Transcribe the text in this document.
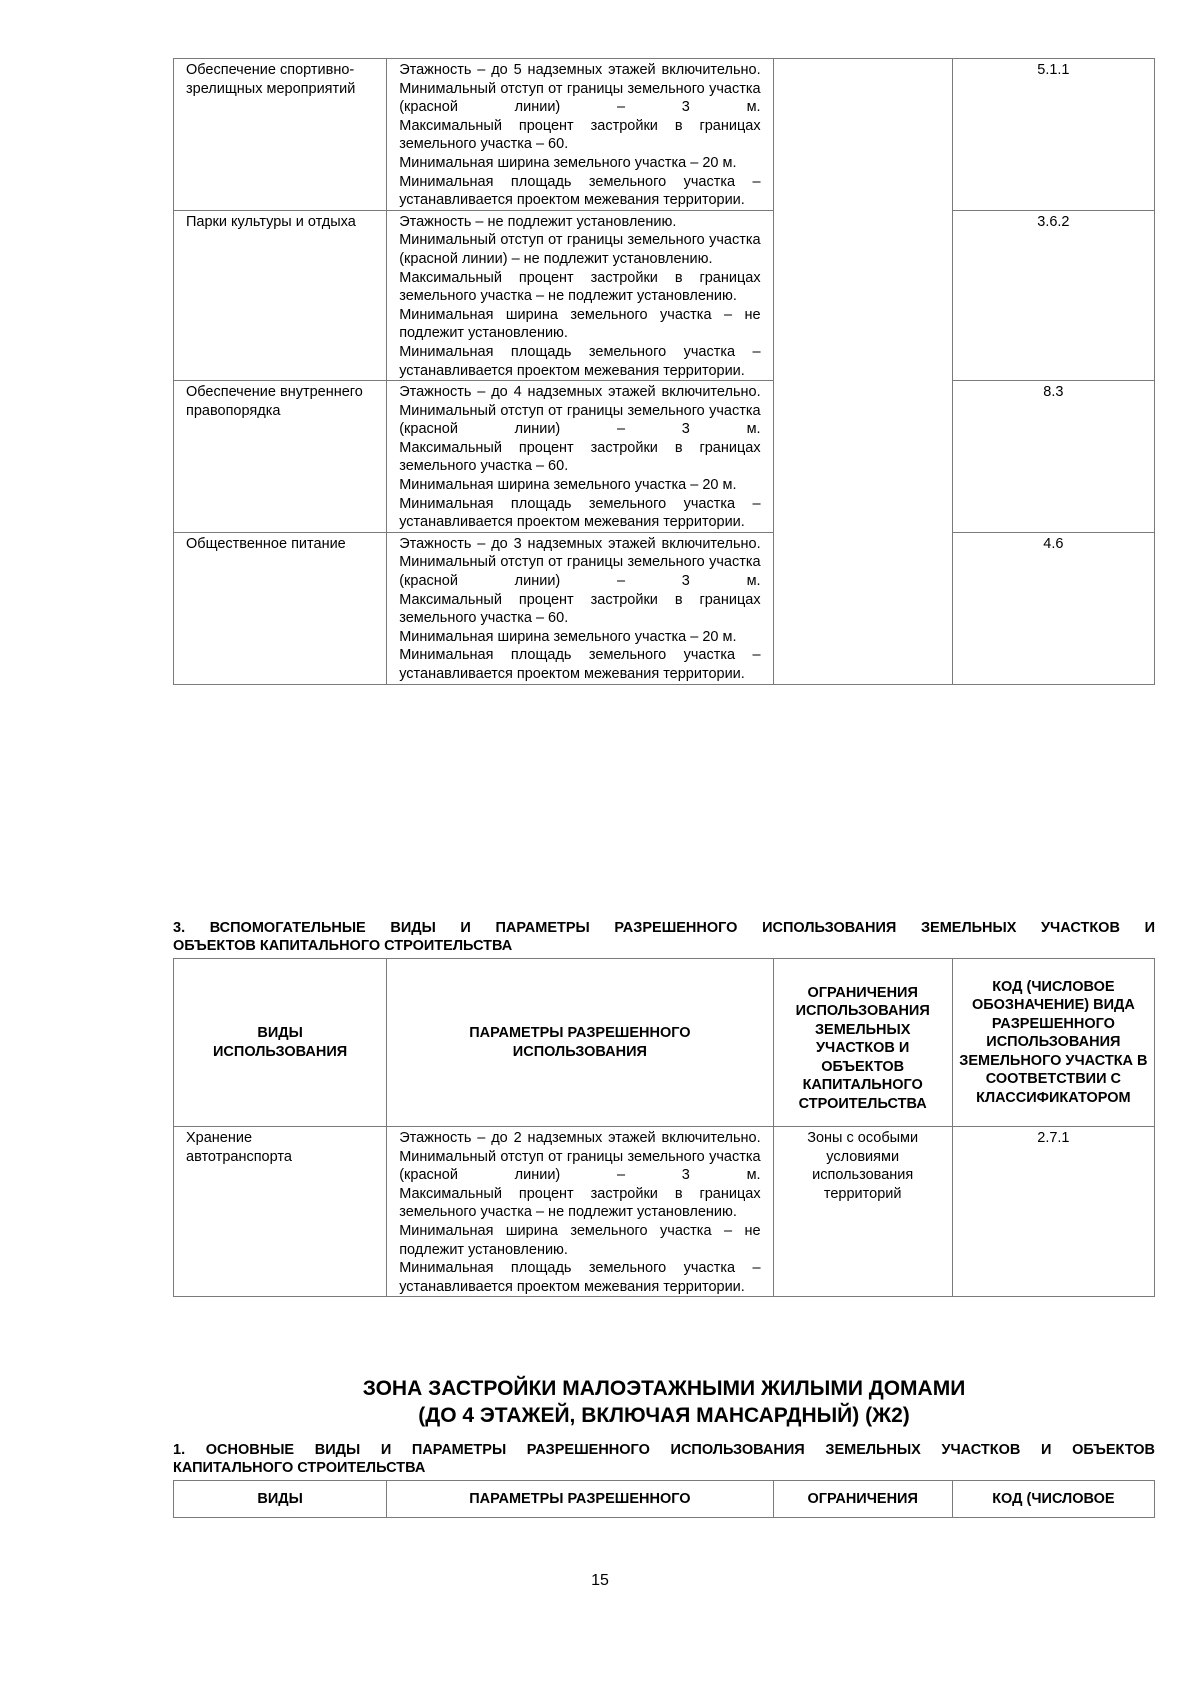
Обеспечение спортивно-зрелищных мероприятий	Этажность – до 5 надземных этажей включительно.

Минимальный отступ от границы земельного участка (красной линии) – 3 м.

Максимальный процент застройки в границах земельного участка – 60.

Минимальная ширина земельного участка – 20 м.

Минимальная площадь земельного участка – устанавливается проектом межевания территории.		5.1.1
Парки культуры и отдыха	Этажность – не подлежит установлению.

Минимальный отступ от границы земельного участка (красной линии) – не подлежит установлению.

Максимальный процент застройки в границах земельного участка – не подлежит установлению.

Минимальная ширина земельного участка – не подлежит установлению.

Минимальная площадь земельного участка – устанавливается проектом межевания территории.		3.6.2
Обеспечение внутреннего правопорядка	Этажность – до 4 надземных этажей включительно.

Минимальный отступ от границы земельного участка (красной линии) – 3 м.

Максимальный процент застройки в границах земельного участка – 60.

Минимальная ширина земельного участка – 20 м.

Минимальная площадь земельного участка – устанавливается проектом межевания территории.		8.3
Общественное питание	Этажность – до 3 надземных этажей включительно.

Минимальный отступ от границы земельного участка (красной линии) – 3 м.

Максимальный процент застройки в границах земельного участка – 60.

Минимальная ширина земельного участка – 20 м.

Минимальная площадь земельного участка – устанавливается проектом межевания территории.		4.6

3. ВСПОМОГАТЕЛЬНЫЕ ВИДЫ И ПАРАМЕТРЫ РАЗРЕШЕННОГО ИСПОЛЬЗОВАНИЯ ЗЕМЕЛЬНЫХ УЧАСТКОВ И
ОБЪЕКТОВ КАПИТАЛЬНОГО СТРОИТЕЛЬСТВА

ВИДЫ ИСПОЛЬЗОВАНИЯ	ПАРАМЕТРЫ РАЗРЕШЕННОГО ИСПОЛЬЗОВАНИЯ	ОГРАНИЧЕНИЯ ИСПОЛЬЗОВАНИЯ ЗЕМЕЛЬНЫХ УЧАСТКОВ И ОБЪЕКТОВ КАПИТАЛЬНОГО СТРОИТЕЛЬСТВА	КОД (ЧИСЛОВОЕ ОБОЗНАЧЕНИЕ) ВИДА РАЗРЕШЕННОГО ИСПОЛЬЗОВАНИЯ ЗЕМЕЛЬНОГО УЧАСТКА В СООТВЕТСТВИИ С КЛАССИФИКАТОРОМ
Хранение автотранспорта	Этажность – до 2 надземных этажей включительно.

Минимальный отступ от границы земельного участка (красной линии) – 3 м.

Максимальный процент застройки в границах земельного участка – не подлежит установлению.

Минимальная ширина земельного участка – не подлежит установлению.

Минимальная площадь земельного участка – устанавливается проектом межевания территории.	Зоны с особыми условиями использования территорий	2.7.1
ЗОНА ЗАСТРОЙКИ МАЛОЭТАЖНЫМИ ЖИЛЫМИ ДОМАМИ
(ДО 4 ЭТАЖЕЙ, ВКЛЮЧАЯ МАНСАРДНЫЙ) (Ж2)

1. ОСНОВНЫЕ ВИДЫ И ПАРАМЕТРЫ РАЗРЕШЕННОГО ИСПОЛЬЗОВАНИЯ ЗЕМЕЛЬНЫХ УЧАСТКОВ И ОБЪЕКТОВ
КАПИТАЛЬНОГО СТРОИТЕЛЬСТВА

ВИДЫ	ПАРАМЕТРЫ РАЗРЕШЕННОГО	ОГРАНИЧЕНИЯ	КОД (ЧИСЛОВОЕ
15
